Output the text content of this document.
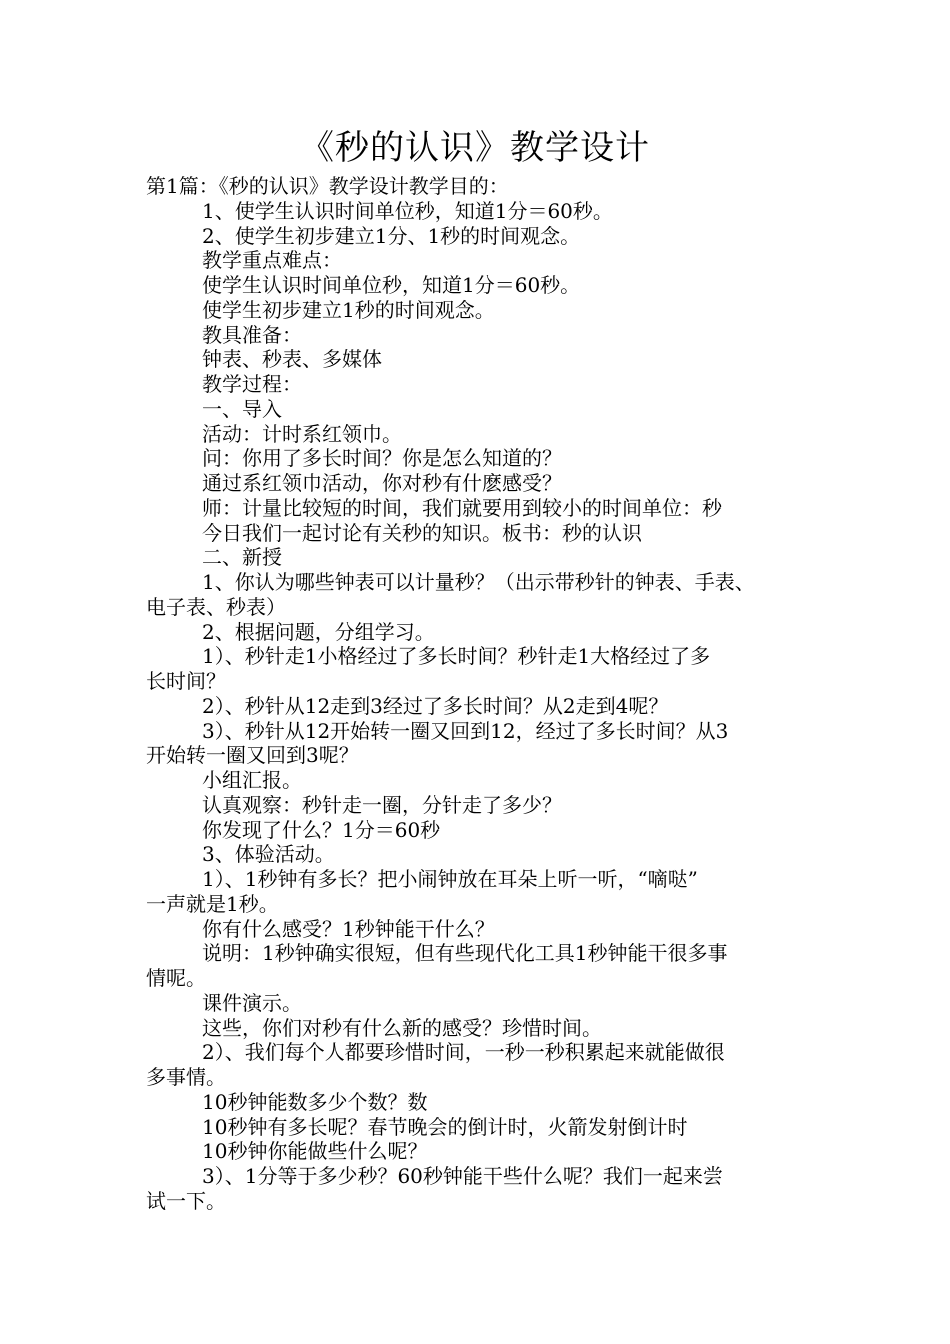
《秒的认识》教学设计
第1篇：《秒的认识》教学设计教学目的：
1、使学生认识时间单位秒，知道1分＝60秒。
2、使学生初步建立1分、1秒的时间观念。
教学重点难点：
使学生认识时间单位秒，知道1分＝60秒。
使学生初步建立1秒的时间观念。
教具准备：
钟表、秒表、多媒体
教学过程：
一、导入
活动：计时系红领巾。
问：你用了多长时间？你是怎么知道的？
通过系红领巾活动，你对秒有什麽感受？
师：计量比较短的时间，我们就要用到较小的时间单位：秒
今日我们一起讨论有关秒的知识。板书：秒的认识
二、新授
1、你认为哪些钟表可以计量秒？（出示带秒针的钟表、手表、
电子表、秒表）
2、根据问题，分组学习。
1）、秒针走1小格经过了多长时间？秒针走1大格经过了多
长时间？
2）、秒针从12走到3经过了多长时间？从2走到4呢？
3）、秒针从12开始转一圈又回到12，经过了多长时间？从3
开始转一圈又回到3呢？
小组汇报。
认真观察：秒针走一圈，分针走了多少？
你发现了什么？1分＝60秒
3、体验活动。
1）、1秒钟有多长？把小闹钟放在耳朵上听一听，“嘀哒”
一声就是1秒。
你有什么感受？1秒钟能干什么？
说明：1秒钟确实很短，但有些现代化工具1秒钟能干很多事
情呢。
课件演示。
这些，你们对秒有什么新的感受？珍惜时间。
2）、我们每个人都要珍惜时间，一秒一秒积累起来就能做很
多事情。
10秒钟能数多少个数？数
10秒钟有多长呢？春节晚会的倒计时，火箭发射倒计时
10秒钟你能做些什么呢？
3）、1分等于多少秒？60秒钟能干些什么呢？我们一起来尝
试一下。
